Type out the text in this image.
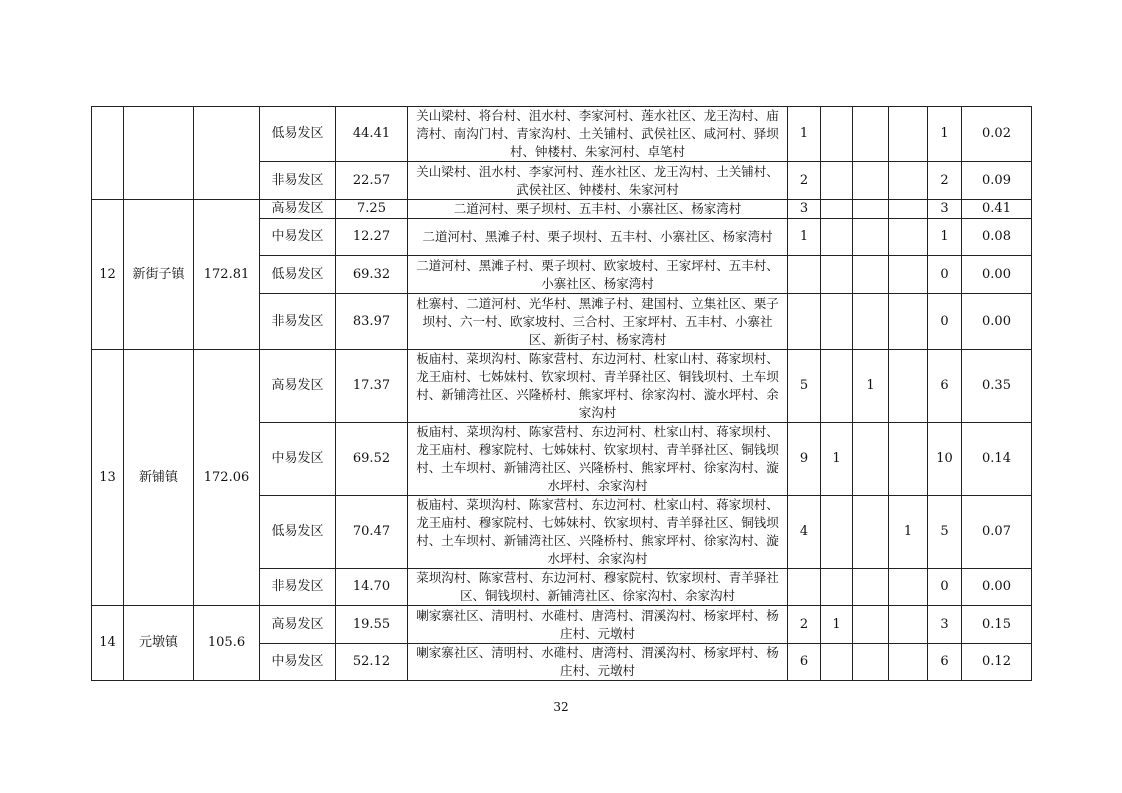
			低易发区	44.41	关山梁村、将台村、沮水村、李家河村、莲水社区、龙王沟村、庙湾村、南沟门村、青家沟村、土关铺村、武侯社区、咸河村、驿坝村、钟楼村、朱家河村、卓笔村	1				1	0.02
			非易发区	22.57	关山梁村、沮水村、李家河村、莲水社区、龙王沟村、土关铺村、武侯社区、钟楼村、朱家河村	2				2	0.09
12	新街子镇	172.81	高易发区	7.25	二道河村、栗子坝村、五丰村、小寨社区、杨家湾村	3				3	0.41
			中易发区	12.27	二道河村、黑滩子村、栗子坝村、五丰村、小寨社区、杨家湾村	1				1	0.08
			低易发区	69.32	二道河村、黑滩子村、栗子坝村、欧家坡村、王家坪村、五丰村、小寨社区、杨家湾村					0	0.00
			非易发区	83.97	杜寨村、二道河村、光华村、黑滩子村、建国村、立集社区、栗子坝村、六一村、欧家坡村、三合村、王家坪村、五丰村、小寨社区、新街子村、杨家湾村					0	0.00
13	新铺镇	172.06	高易发区	17.37	板庙村、菜坝沟村、陈家营村、东边河村、杜家山村、蒋家坝村、龙王庙村、七姊妹村、钦家坝村、青羊驿社区、铜钱坝村、土车坝村、新铺湾社区、兴隆桥村、熊家坪村、徐家沟村、漩水坪村、余家沟村	5		1		6	0.35
			中易发区	69.52	板庙村、菜坝沟村、陈家营村、东边河村、杜家山村、蒋家坝村、龙王庙村、穆家院村、七姊妹村、钦家坝村、青羊驿社区、铜钱坝村、土车坝村、新铺湾社区、兴隆桥村、熊家坪村、徐家沟村、漩水坪村、余家沟村	9	1			10	0.14
			低易发区	70.47	板庙村、菜坝沟村、陈家营村、东边河村、杜家山村、蒋家坝村、龙王庙村、穆家院村、七姊妹村、钦家坝村、青羊驿社区、铜钱坝村、土车坝村、新铺湾社区、兴隆桥村、熊家坪村、徐家沟村、漩水坪村、余家沟村	4			1	5	0.07
			非易发区	14.70	菜坝沟村、陈家营村、东边河村、穆家院村、钦家坝村、青羊驿社区、铜钱坝村、新铺湾社区、徐家沟村、余家沟村					0	0.00
14	元墩镇	105.6	高易发区	19.55	喇家寨社区、清明村、水碓村、唐湾村、渭溪沟村、杨家坪村、杨庄村、元墩村	2	1			3	0.15
			中易发区	52.12	喇家寨社区、清明村、水碓村、唐湾村、渭溪沟村、杨家坪村、杨庄村、元墩村	6				6	0.12
32
